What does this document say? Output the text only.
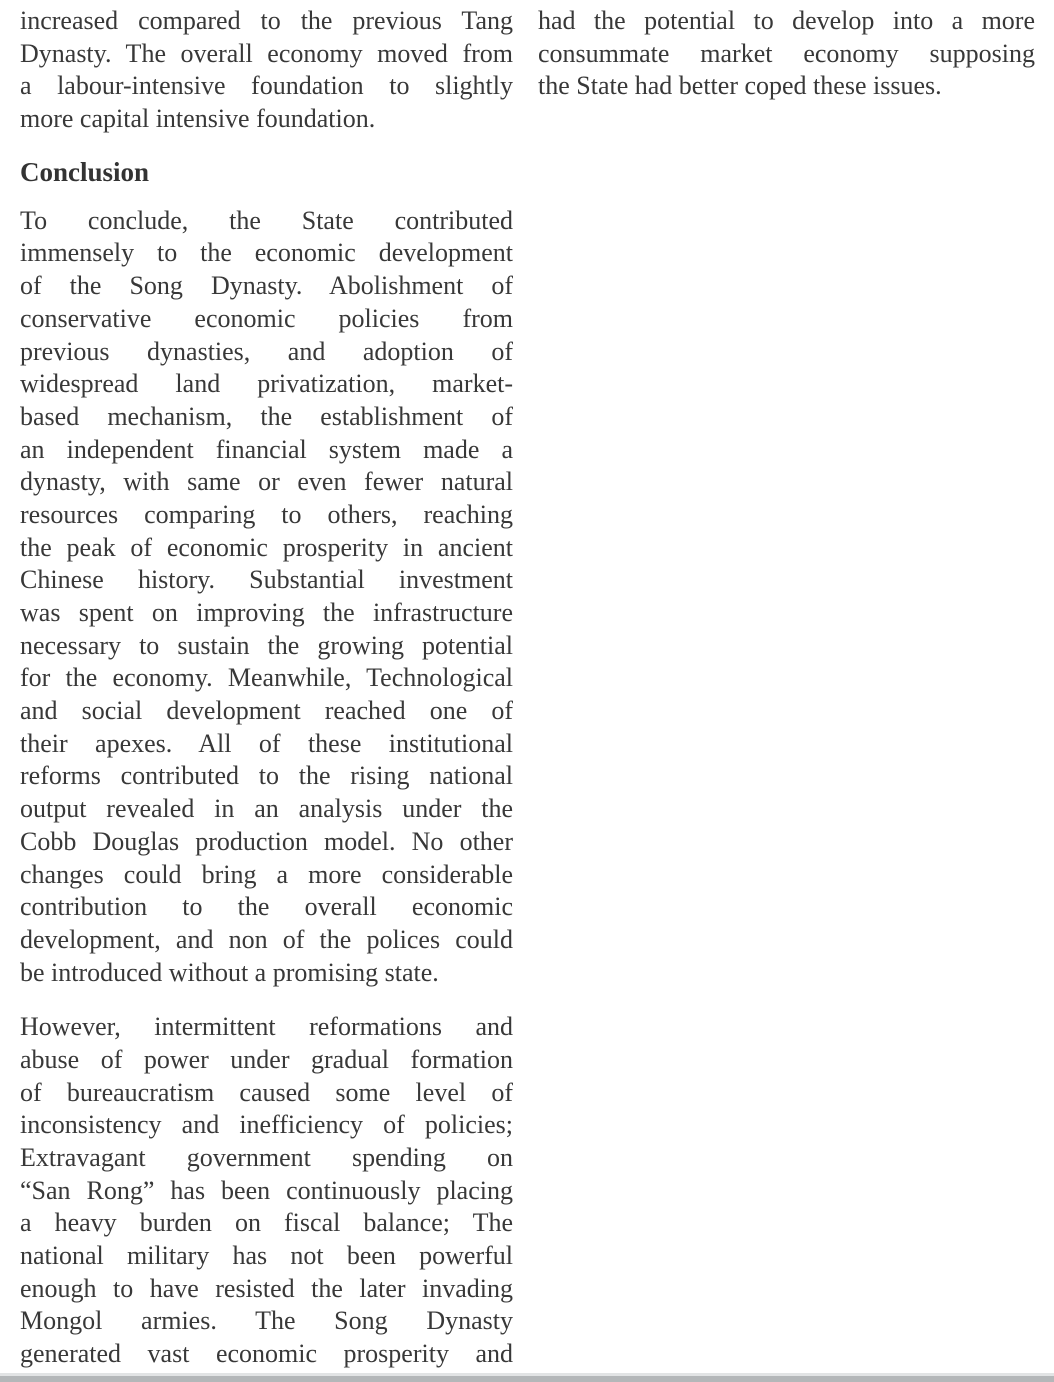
increased compared to the previous Tang
Dynasty. The overall economy moved from
a labour-intensive foundation to slightly
more capital intensive foundation.
Conclusion
To conclude, the State contributed
immensely to the economic development
of the Song Dynasty. Abolishment of
conservative economic policies from
previous dynasties, and adoption of
widespread land privatization, market-
based mechanism, the establishment of
an independent financial system made a
dynasty, with same or even fewer natural
resources comparing to others, reaching
the peak of economic prosperity in ancient
Chinese history. Substantial investment
was spent on improving the infrastructure
necessary to sustain the growing potential
for the economy. Meanwhile, Technological
and social development reached one of
their apexes. All of these institutional
reforms contributed to the rising national
output revealed in an analysis under the
Cobb Douglas production model. No other
changes could bring a more considerable
contribution to the overall economic
development, and non of the polices could
be introduced without a promising state.
However, intermittent reformations and
abuse of power under gradual formation
of bureaucratism caused some level of
inconsistency and inefficiency of policies;
Extravagant government spending on
“San Rong” has been continuously placing
a heavy burden on fiscal balance; The
national military has not been powerful
enough to have resisted the later invading
Mongol armies. The Song Dynasty
generated vast economic prosperity and
had the potential to develop into a more
consummate market economy supposing
the State had better coped these issues.
